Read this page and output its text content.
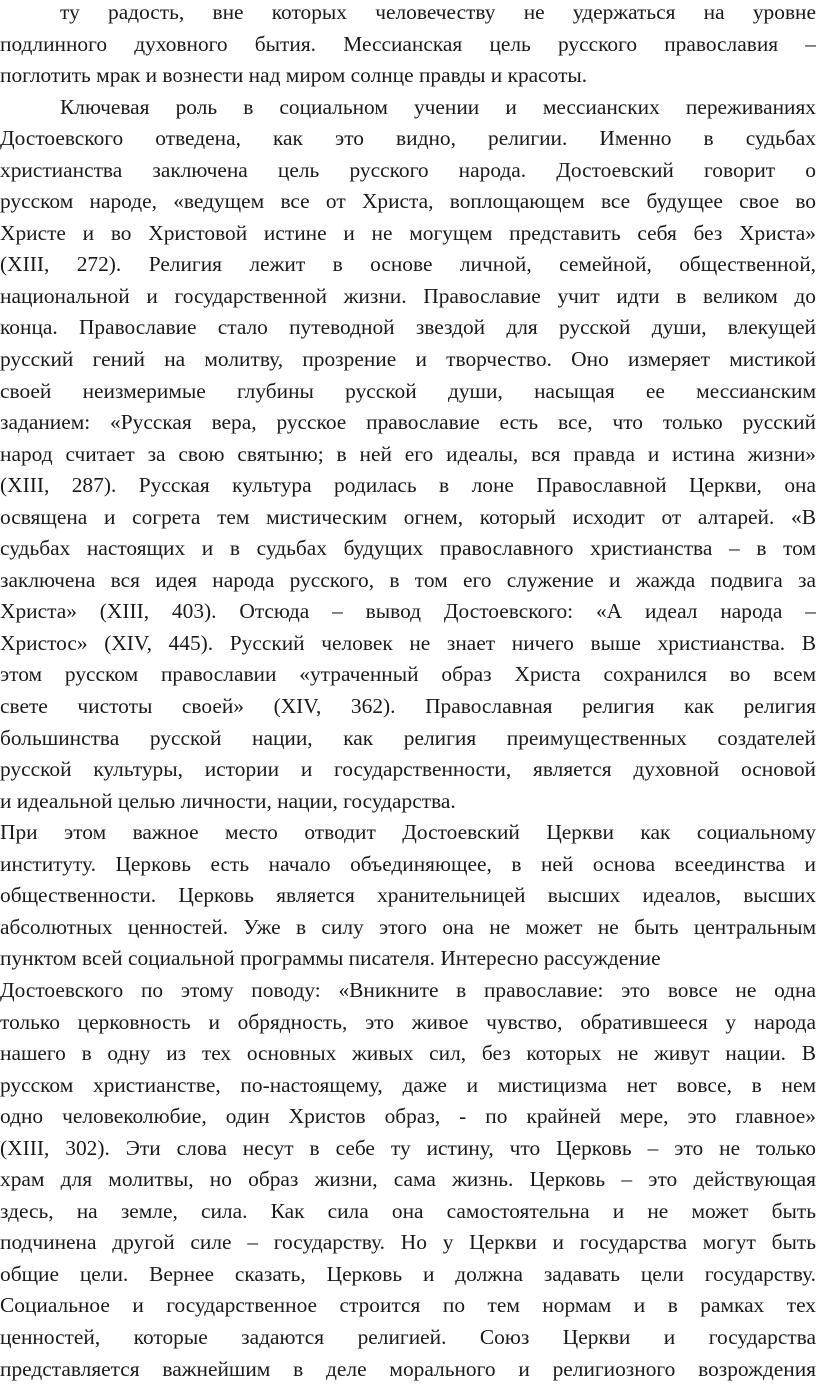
ту радость, вне которых человечеству не удержаться на уровне
подлинного духовного бытия. Мессианская цель русского православия –
поглотить мрак и вознести над миром солнце правды и красоты.
Ключевая роль в социальном учении и мессианских переживаниях
Достоевского отведена, как это видно, религии. Именно в судьбах
христианства заключена цель русского народа. Достоевский говорит о
русском народе, «ведущем все от Христа, воплощающем все будущее свое во
Христе и во Христовой истине и не могущем представить себя без Христа»
(XIII, 272). Религия лежит в основе личной, семейной, общественной,
национальной и государственной жизни. Православие учит идти в великом до
конца. Православие стало путеводной звездой для русской души, влекущей
русский гений на молитву, прозрение и творчество. Оно измеряет мистикой
своей неизмеримые глубины русской души, насыщая ее мессианским
заданием: «Русская вера, русское православие есть все, что только русский
народ считает за свою святыню; в ней его идеалы, вся правда и истина жизни»
(XIII, 287). Русская культура родилась в лоне Православной Церкви, она
освящена и согрета тем мистическим огнем, который исходит от алтарей. «В
судьбах настоящих и в судьбах будущих православного христианства – в том
заключена вся идея народа русского, в том его служение и жажда подвига за
Христа» (XIII, 403). Отсюда – вывод Достоевского: «А идеал народа –
Христос» (XIV, 445). Русский человек не знает ничего выше христианства. В
этом русском православии «утраченный образ Христа сохранился во всем
свете чистоты своей» (XIV, 362). Православная религия как религия
большинства русской нации, как религия преимущественных создателей
русской культуры, истории и государственности, является духовной основой
и идеальной целью личности, нации, государства.
При этом важное место отводит Достоевский Церкви как социальному
институту. Церковь есть начало объединяющее, в ней основа всеединства и
общественности. Церковь является хранительницей высших идеалов, высших
абсолютных ценностей. Уже в силу этого она не может не быть центральным
пунктом всей социальной программы писателя. Интересно рассуждение
Достоевского по этому поводу: «Вникните в православие: это вовсе не одна
только церковность и обрядность, это живое чувство, обратившееся у народа
нашего в одну из тех основных живых сил, без которых не живут нации. В
русском христианстве, по-настоящему, даже и мистицизма нет вовсе, в нем
одно человеколюбие, один Христов образ, - по крайней мере, это главное»
(XIII, 302). Эти слова несут в себе ту истину, что Церковь – это не только
храм для молитвы, но образ жизни, сама жизнь. Церковь – это действующая
здесь, на земле, сила. Как сила она самостоятельна и не может быть
подчинена другой силе – государству. Но у Церкви и государства могут быть
общие цели. Вернее сказать, Церковь и должна задавать цели государству.
Социальное и государственное строится по тем нормам и в рамках тех
ценностей, которые задаются религией. Союз Церкви и государства
представляется важнейшим в деле морального и религиозного возрождения
